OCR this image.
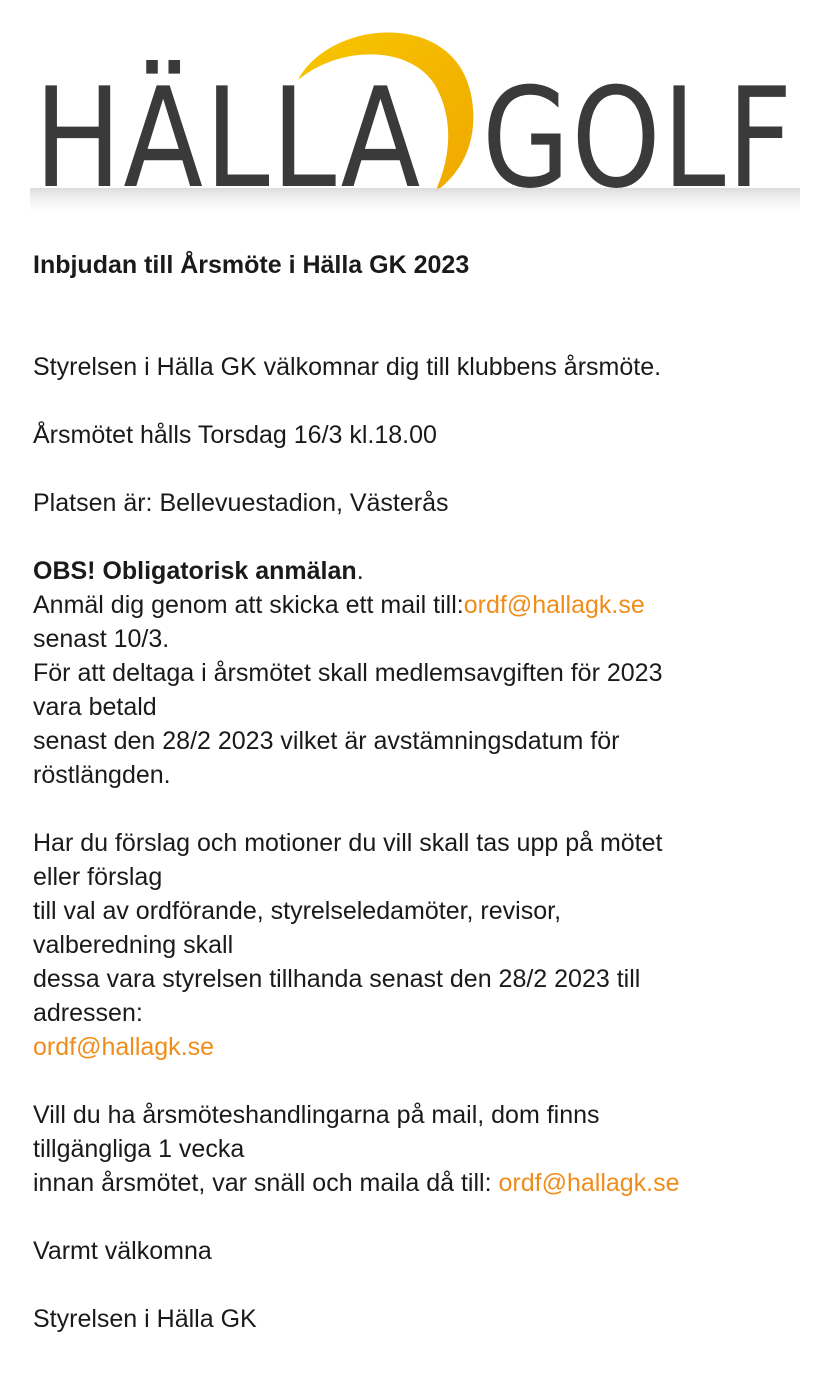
HÄLLA GOLF

Inbjudan till Årsmöte i Hälla GK 2023

Styrelsen i Hälla GK välkomnar dig till klubbens årsmöte.

Årsmötet hålls Torsdag 16/3 kl.18.00

Platsen är: Bellevuestadion, Västerås

OBS! Obligatorisk anmälan.
Anmäl dig genom att skicka ett mail till:ordf@hallagk.se
senast 10/3.
För att deltaga i årsmötet skall medlemsavgiften för 2023
vara betald
senast den 28/2 2023 vilket är avstämningsdatum för
röstlängden.

Har du förslag och motioner du vill skall tas upp på mötet
eller förslag
till val av ordförande, styrelseledamöter, revisor,
valberedning skall
dessa vara styrelsen tillhanda senast den 28/2 2023 till
adressen:
ordf@hallagk.se

Vill du ha årsmöteshandlingarna på mail, dom finns
tillgängliga 1 vecka
innan årsmötet, var snäll och maila då till: ordf@hallagk.se

Varmt välkomna

Styrelsen i Hälla GK
